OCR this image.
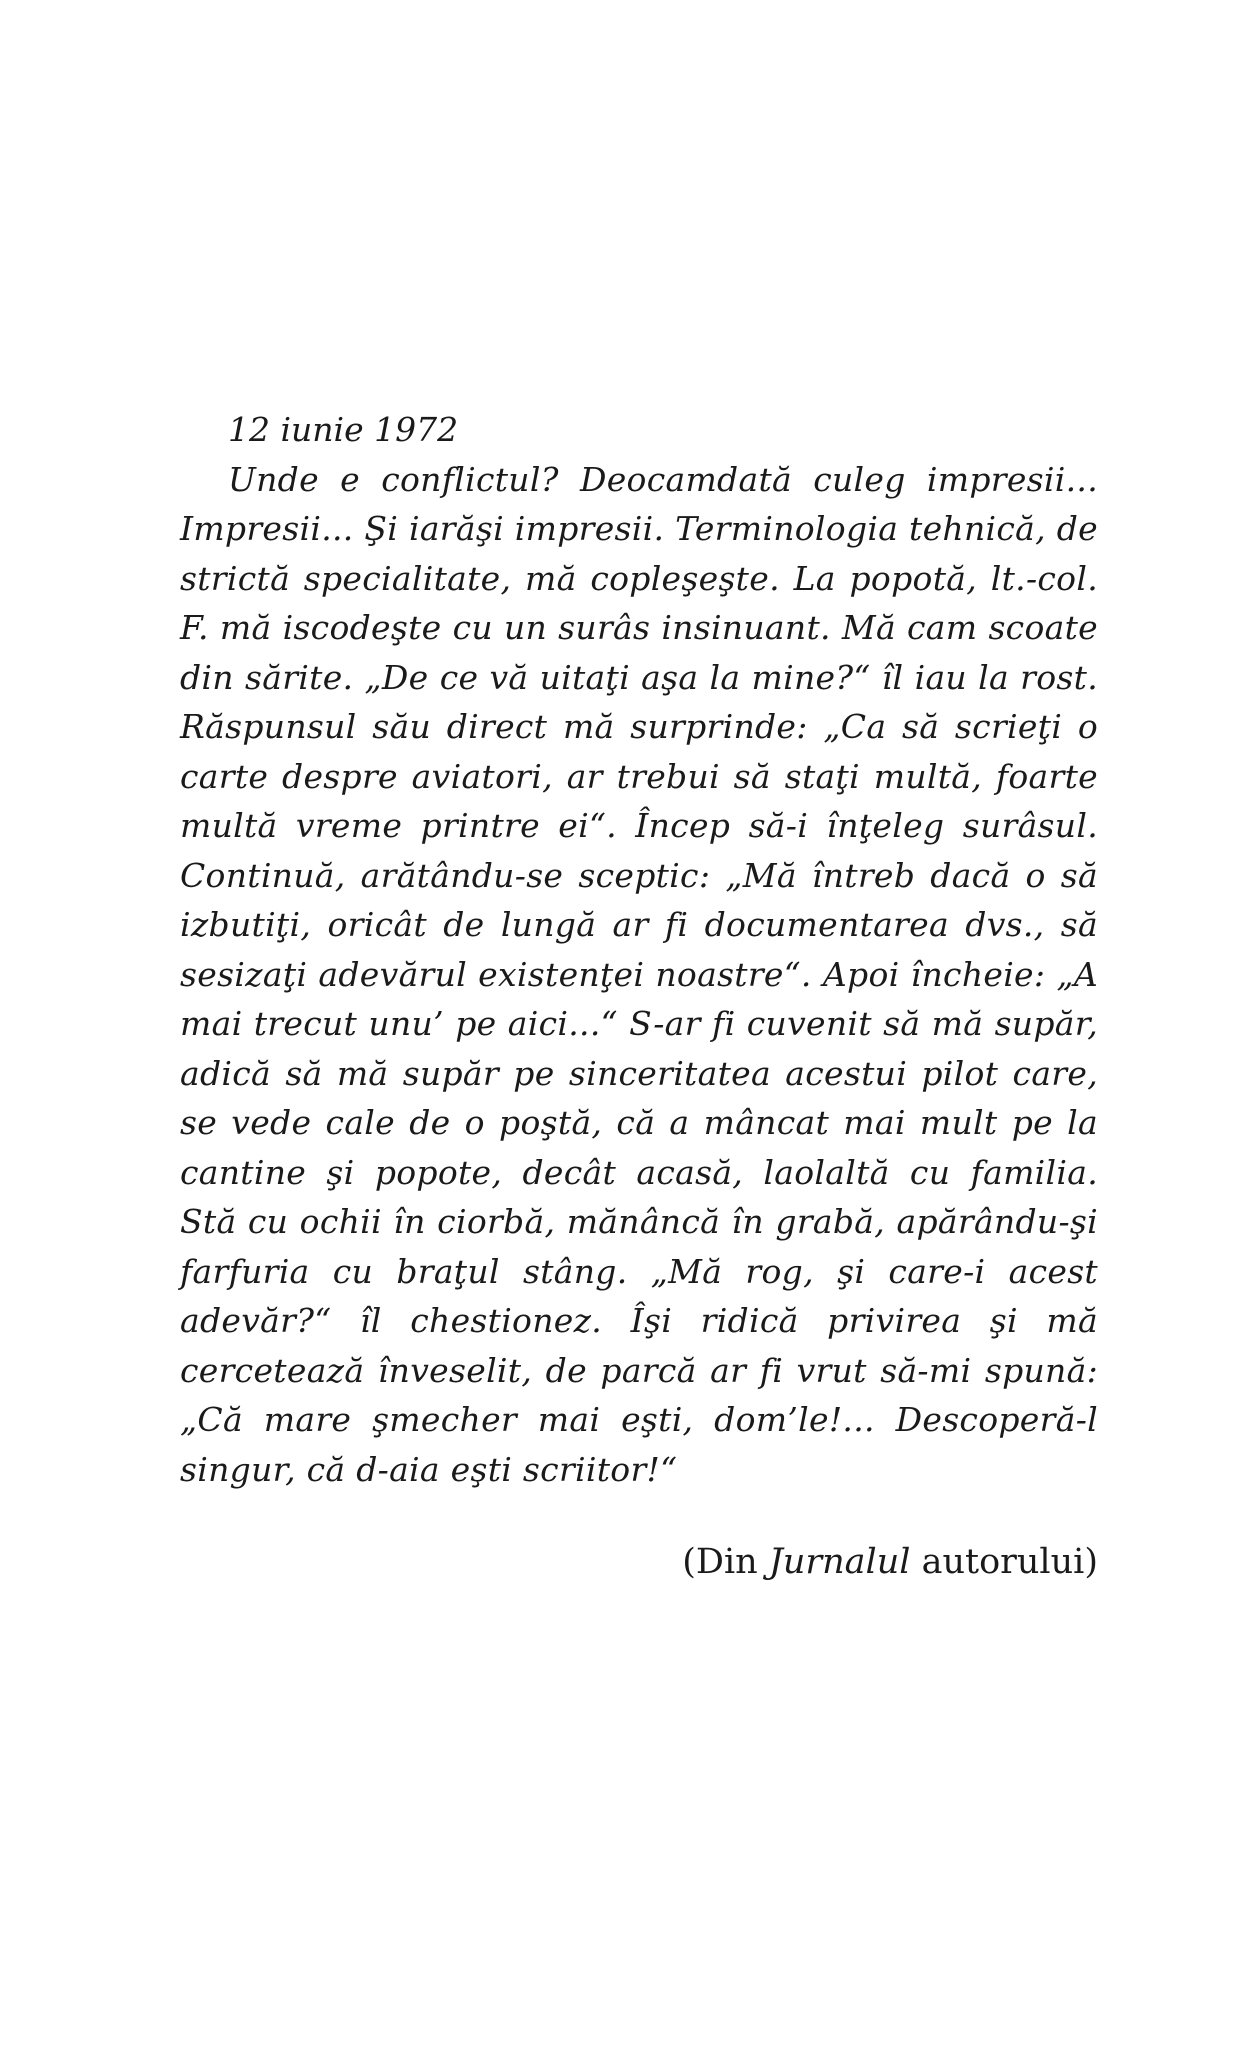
12 iunie 1972

Unde e conflictul? Deocamdată culeg impresii... Impresii... Şi iarăşi impresii. Terminologia tehnică, de strictă specialitate, mă copleşeşte. La popotă, lt.-col. F. mă iscodeşte cu un surâs insinuant. Mă cam scoate din sărite. „De ce vă uitaţi aşa la mine?“ îl iau la rost. Răspunsul său direct mă surprinde: „Ca să scrieţi o carte despre aviatori, ar trebui să staţi multă, foarte multă vreme printre ei“. Încep să-i înţeleg surâsul. Continuă, arătându-se sceptic: „Mă întreb dacă o să izbutiţi, oricât de lungă ar fi documentarea dvs., să sesizaţi adevărul existenţei noastre“. Apoi încheie: „A mai trecut unu’ pe aici...“ S-ar fi cuvenit să mă supăr, adică să mă supăr pe sinceritatea acestui pilot care, se vede cale de o poştă, că a mâncat mai mult pe la cantine şi popote, decât acasă, laolaltă cu familia. Stă cu ochii în ciorbă, mănâncă în grabă, apărându-şi farfuria cu braţul stâng. „Mă rog, şi care-i acest adevăr?“ îl chestionez. Îşi ridică privirea şi mă cercetează înveselit, de parcă ar fi vrut să-mi spună: „Că mare şmecher mai eşti, dom’le!... Descoperă-l singur, că d-aia eşti scriitor!“

(Din Jurnalul autorului)
